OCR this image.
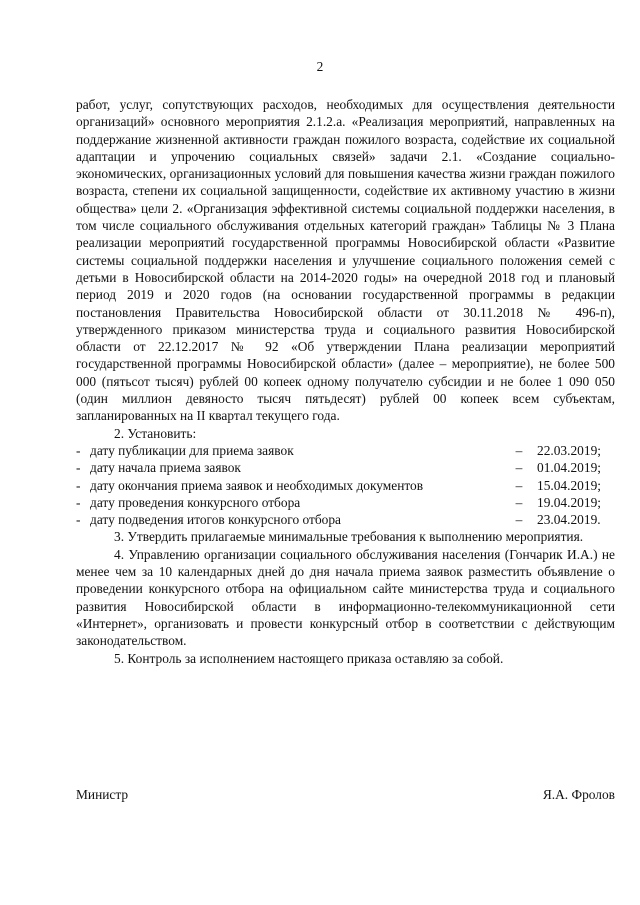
2

работ, услуг, сопутствующих расходов, необходимых для осуществления деятельности организаций» основного мероприятия 2.1.2.a. «Реализация мероприятий, направленных на поддержание жизненной активности граждан пожилого возраста, содействие их социальной адаптации и упрочению социальных связей» задачи 2.1. «Создание социально-экономических, организационных условий для повышения качества жизни граждан пожилого возраста, степени их социальной защищенности, содействие их активному участию в жизни общества» цели 2. «Организация эффективной системы социальной поддержки населения, в том числе социального обслуживания отдельных категорий граждан» Таблицы № 3 Плана реализации мероприятий государственной программы Новосибирской области «Развитие системы социальной поддержки населения и улучшение социального положения семей с детьми в Новосибирской области на 2014-2020 годы» на очередной 2018 год и плановый период 2019 и 2020 годов (на основании государственной программы в редакции постановления Правительства Новосибирской области от 30.11.2018 № 496-п), утвержденного приказом министерства труда и социального развития Новосибирской области от 22.12.2017 № 92 «Об утверждении Плана реализации мероприятий государственной программы Новосибирской области» (далее – мероприятие), не более 500 000 (пятьсот тысяч) рублей 00 копеек одному получателю субсидии и не более 1 090 050 (один миллион девяносто тысяч пятьдесят) рублей 00 копеек всем субъектам, запланированных на II квартал текущего года.

2. Установить:

- дату публикации для приема заявок	–	22.03.2019;
- дату начала приема заявок	–	01.04.2019;
- дату окончания приема заявок и необходимых документов	–	15.04.2019;
- дату проведения конкурсного отбора	–	19.04.2019;
- дату подведения итогов конкурсного отбора	–	23.04.2019.

3. Утвердить прилагаемые минимальные требования к выполнению мероприятия.

4. Управлению организации социального обслуживания населения (Гончарик И.А.) не менее чем за 10 календарных дней до дня начала приема заявок разместить объявление о проведении конкурсного отбора на официальном сайте министерства труда и социального развития Новосибирской области в информационно-телекоммуникационной сети «Интернет», организовать и провести конкурсный отбор в соответствии с действующим законодательством.

5. Контроль за исполнением настоящего приказа оставляю за собой.

Министр	Я.А. Фролов
